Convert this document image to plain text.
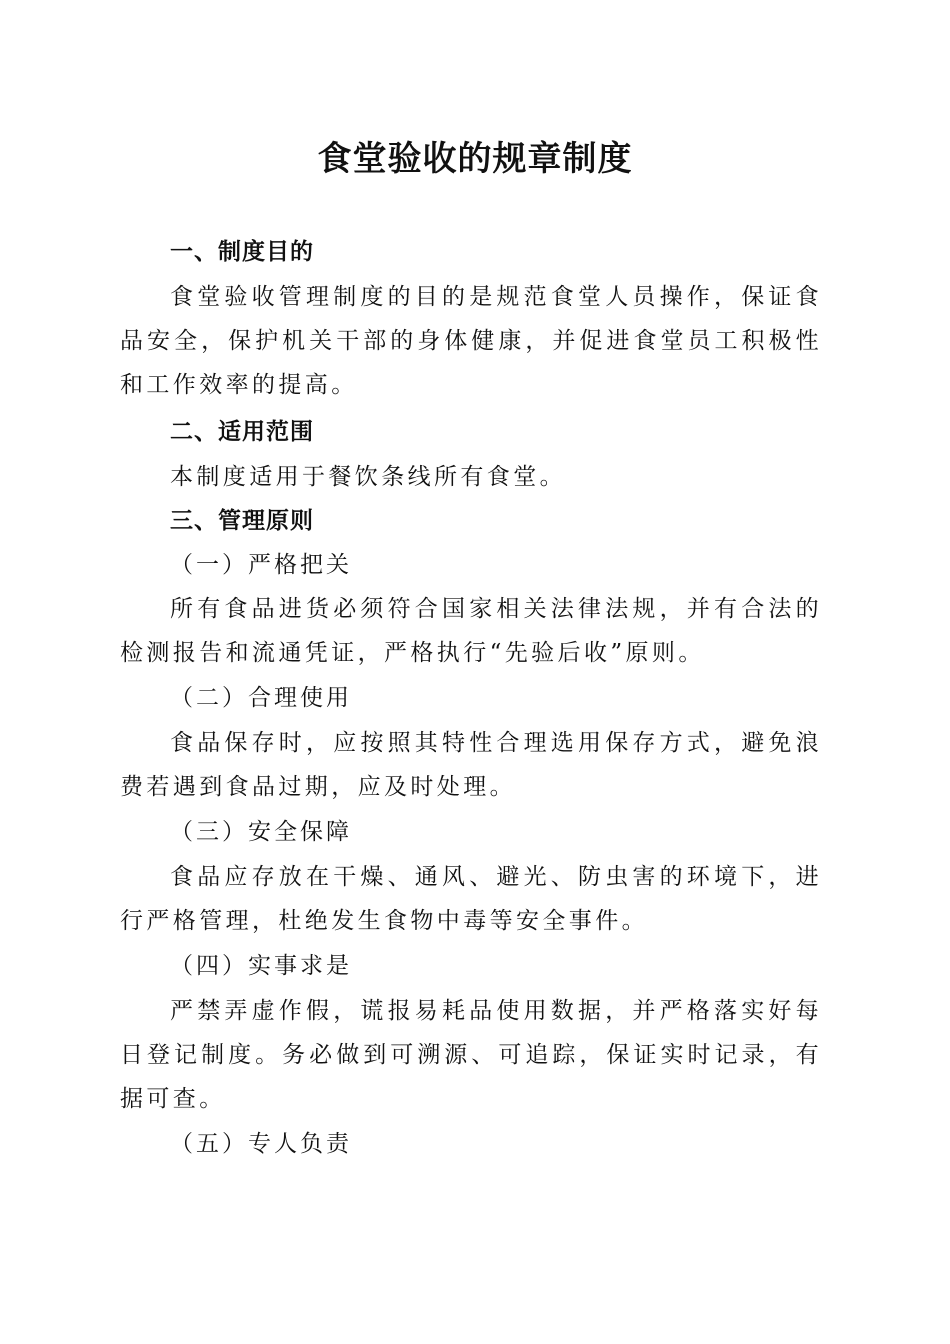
食堂验收的规章制度
一、制度目的
食堂验收管理制度的目的是规范食堂人员操作，保证食品安全，保护机关干部的身体健康，并促进食堂员工积极性和工作效率的提高。
二、适用范围
本制度适用于餐饮条线所有食堂。
三、管理原则
（一）严格把关
所有食品进货必须符合国家相关法律法规，并有合法的检测报告和流通凭证，严格执行“先验后收”原则。
（二）合理使用
食品保存时，应按照其特性合理选用保存方式，避免浪费若遇到食品过期，应及时处理。
（三）安全保障
食品应存放在干燥、通风、避光、防虫害的环境下，进行严格管理，杜绝发生食物中毒等安全事件。
（四）实事求是
严禁弄虚作假，谎报易耗品使用数据，并严格落实好每日登记制度。务必做到可溯源、可追踪，保证实时记录，有据可查。
（五）专人负责
